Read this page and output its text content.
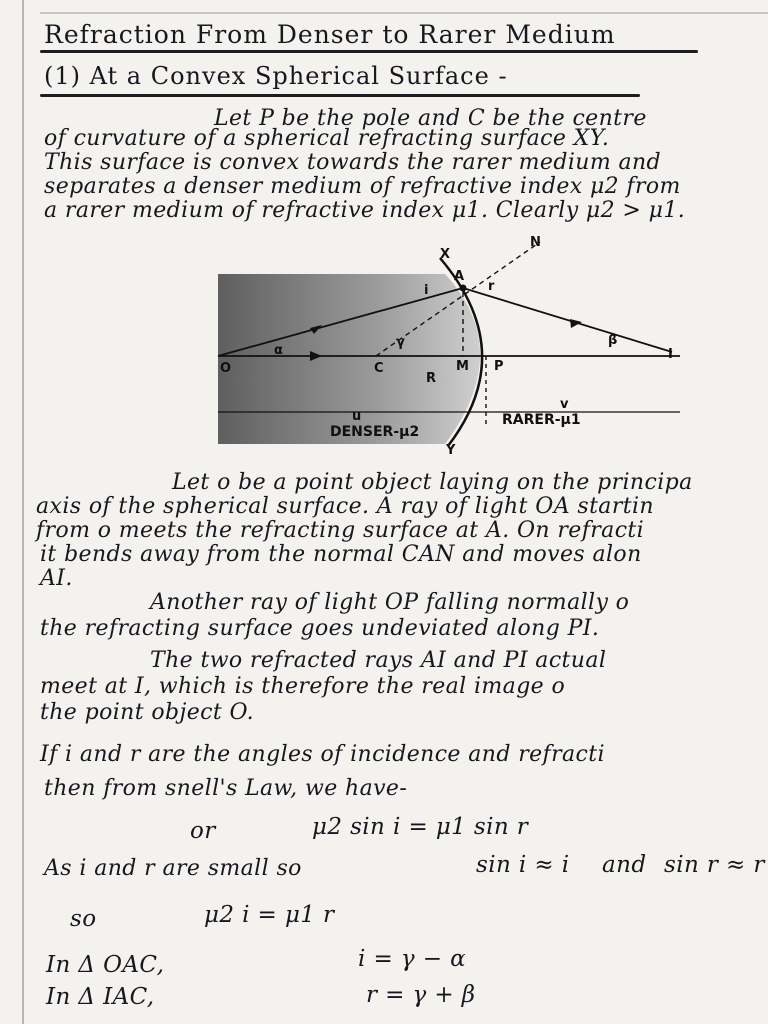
Refraction From Denser to Rarer Medium
(1) At a Convex Spherical Surface -
Let P be the pole and C be the centre
of curvature of a spherical refracting surface XY.
This surface is convex towards the rarer medium and
separates a denser medium of refractive index μ2 from
a rarer medium of refractive index μ1. Clearly μ2 > μ1.
N
X
A
r
i
β
I
α
γ
C	M P
O
R
u
v
Y
DENSER-μ2
RARER-μ1
Let o be a point object laying on the principa
axis of the spherical surface. A ray of light OA startin
from o meets the refracting surface at A. On refracti
it bends away from the normal CAN and moves alon
AI.
Another ray of light OP falling normally o
the refracting surface goes undeviated along PI.
The two refracted rays AI and PI actual
meet at I, which is therefore the real image o
the point object O.
If i and r are the angles of incidence and refracti
then from snell's Law, we have-
or	μ2 sin i = μ1 sin r
As i and r are small so	sin i ≈ i and sin r ≈ r
so	μ2 i = μ1 r
In Δ OAC,	i = γ − α
In Δ IAC,	r = γ + β
